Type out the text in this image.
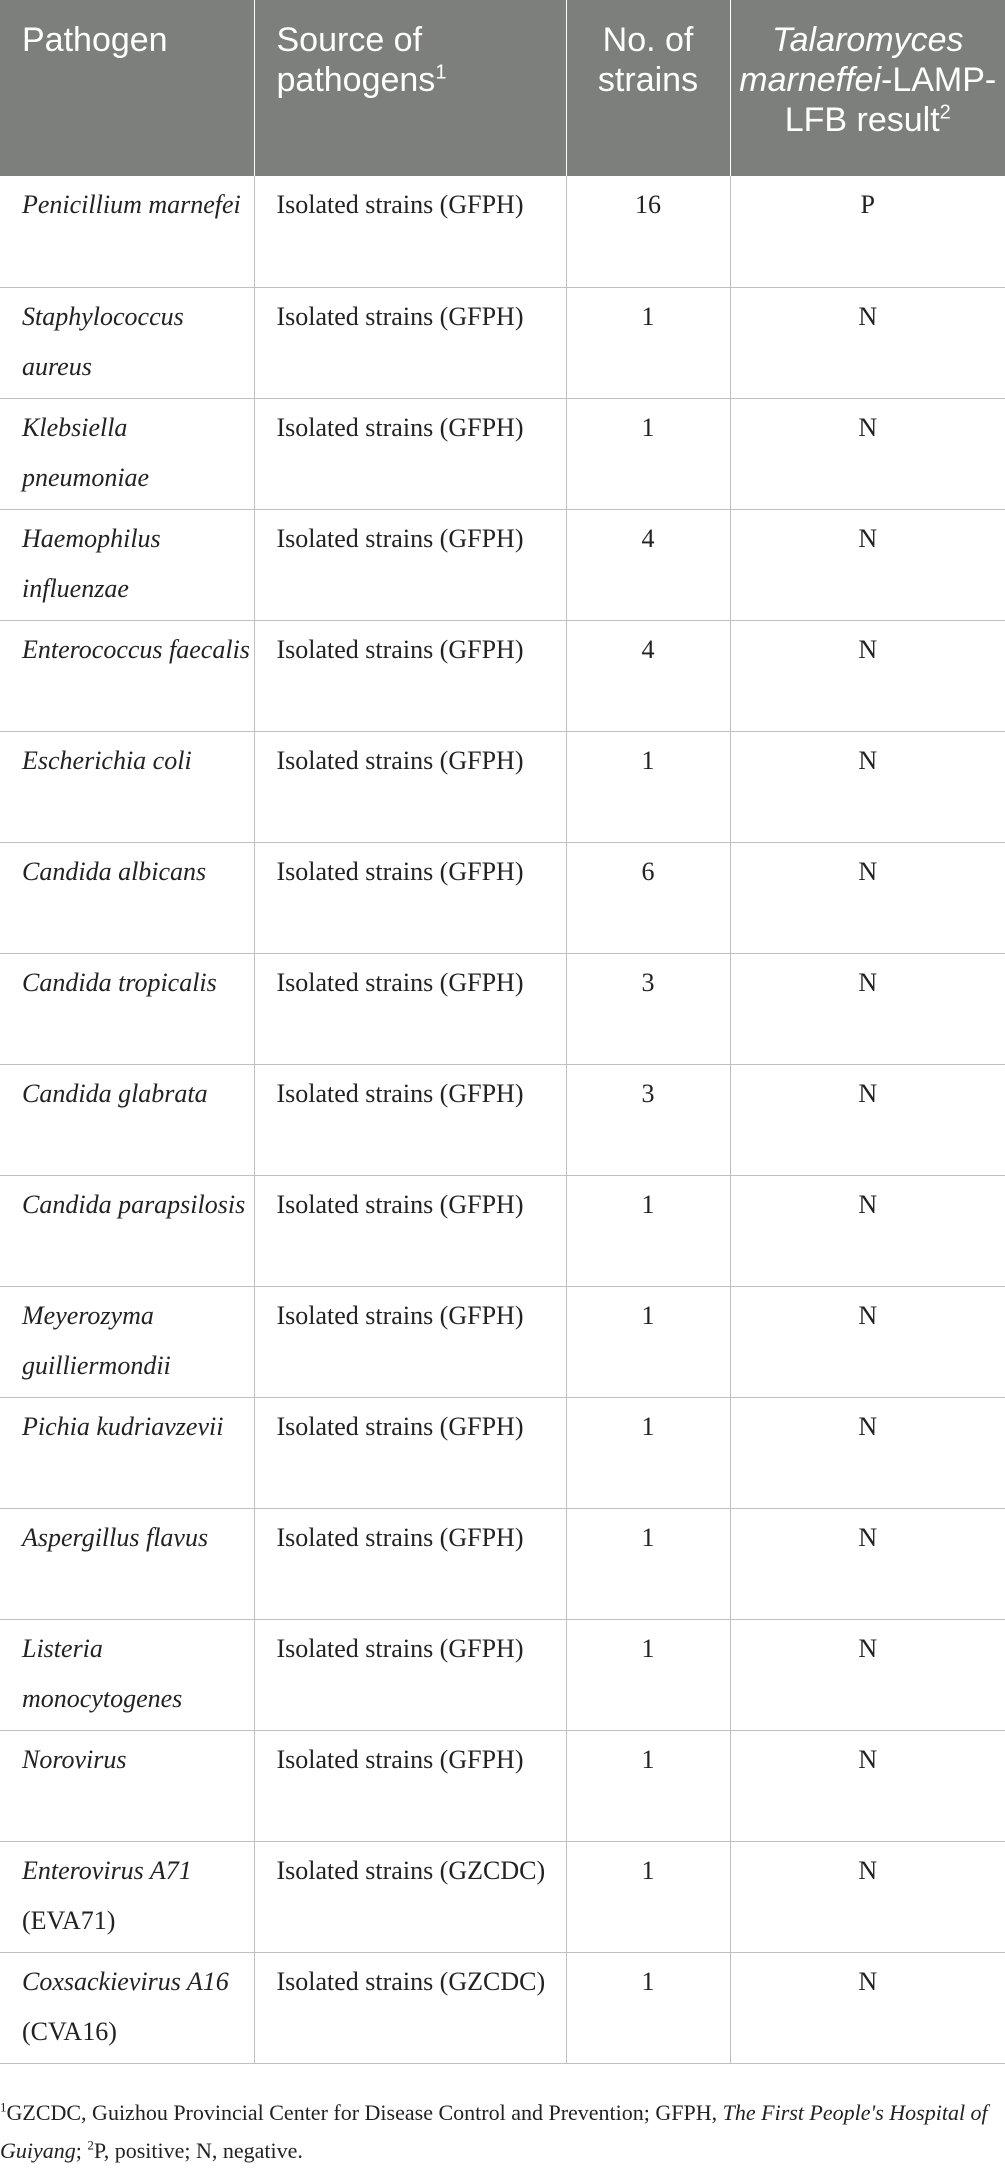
Pathogen	Source of pathogens$^1$	No. of strains	Talaromyces marneffei-LAMP-LFB result$^2$
Penicillium marnefei	Isolated strains (GFPH)	16	P
Staphylococcus aureus	Isolated strains (GFPH)	1	N
Klebsiella pneumoniae	Isolated strains (GFPH)	1	N
Haemophilus influenzae	Isolated strains (GFPH)	4	N
Enterococcus faecalis	Isolated strains (GFPH)	4	N
Escherichia coli	Isolated strains (GFPH)	1	N
Candida albicans	Isolated strains (GFPH)	6	N
Candida tropicalis	Isolated strains (GFPH)	3	N
Candida glabrata	Isolated strains (GFPH)	3	N
Candida parapsilosis	Isolated strains (GFPH)	1	N
Meyerozyma guilliermondii	Isolated strains (GFPH)	1	N
Pichia kudriavzevii	Isolated strains (GFPH)	1	N
Aspergillus flavus	Isolated strains (GFPH)	1	N
Listeria monocytogenes	Isolated strains (GFPH)	1	N
Norovirus	Isolated strains (GFPH)	1	N
Enterovirus A71 (EVA71)	Isolated strains (GZCDC)	1	N
Coxsackievirus A16 (CVA16)	Isolated strains (GZCDC)	1	N
$^1$GZCDC, Guizhou Provincial Center for Disease Control and Prevention; GFPH, The First People's Hospital of Guiyang; $^2$P, positive; N, negative.
